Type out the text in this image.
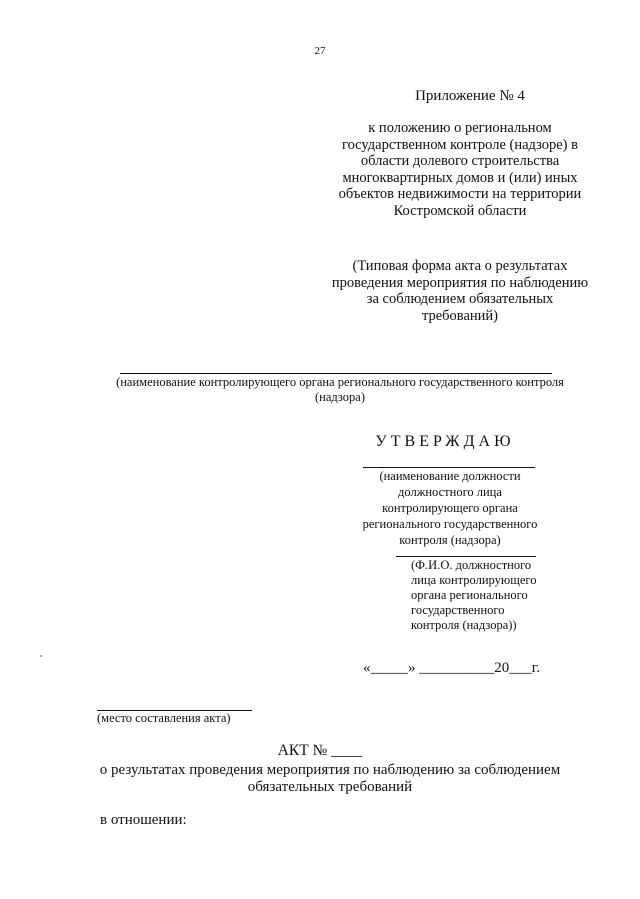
27
Приложение № 4
к положению о региональном государственном контроле (надзоре) в области долевого строительства многоквартирных домов и (или) иных объектов недвижимости на территории Костромской области
(Типовая форма акта о результатах проведения мероприятия по наблюдению за соблюдением обязательных требований)
(наименование контролирующего органа регионального государственного контроля (надзора)
УТВЕРЖДАЮ
(наименование должности должностного лица контролирующего органа регионального государственного контроля (надзора)
(Ф.И.О. должностного лица контролирующего органа регионального государственного контроля (надзора))
«_____» __________20___г.
(место составления акта)
АКТ № ____
о результатах проведения мероприятия по наблюдению за соблюдением обязательных требований
в отношении:
